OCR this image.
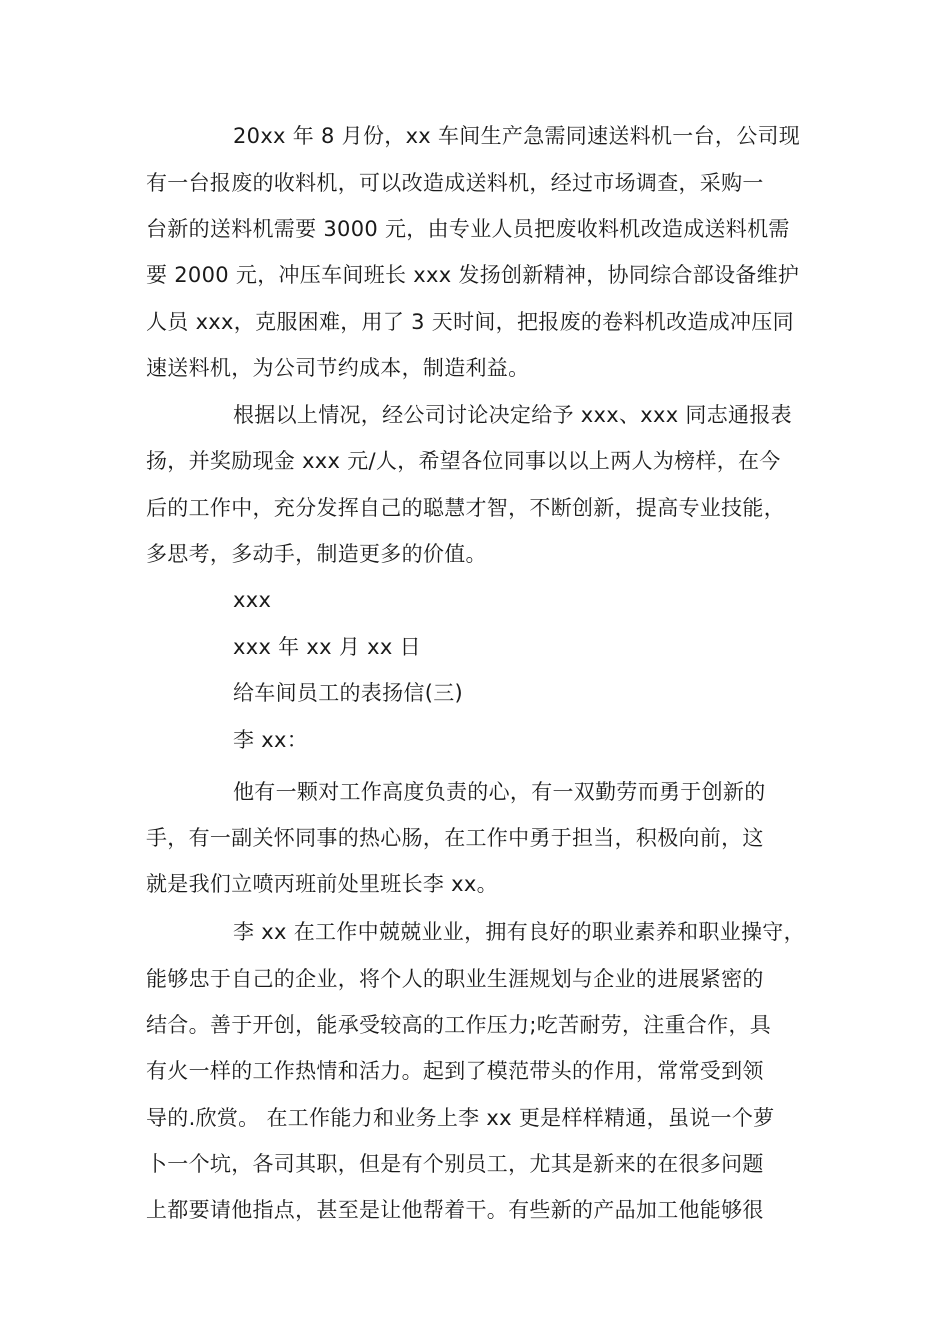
20xx 年 8 月份，xx 车间生产急需同速送料机一台，公司现
有一台报废的收料机，可以改造成送料机，经过市场调查，采购一
台新的送料机需要 3000 元，由专业人员把废收料机改造成送料机需
要 2000 元，冲压车间班长 xxx 发扬创新精神，协同综合部设备维护
人员 xxx，克服困难，用了 3 天时间，把报废的卷料机改造成冲压同
速送料机，为公司节约成本，制造利益。
根据以上情况，经公司讨论决定给予 xxx、xxx 同志通报表
扬，并奖励现金 xxx 元/人，希望各位同事以以上两人为榜样，在今
后的工作中，充分发挥自己的聪慧才智，不断创新，提高专业技能，
多思考，多动手，制造更多的价值。
xxx
xxx 年 xx 月 xx 日
给车间员工的表扬信(三)
李 xx：
他有一颗对工作高度负责的心，有一双勤劳而勇于创新的
手，有一副关怀同事的热心肠，在工作中勇于担当，积极向前，这
就是我们立喷丙班前处里班长李 xx。
李 xx 在工作中兢兢业业，拥有良好的职业素养和职业操守，
能够忠于自己的企业，将个人的职业生涯规划与企业的进展紧密的
结合。善于开创，能承受较高的工作压力;吃苦耐劳，注重合作，具
有火一样的工作热情和活力。起到了模范带头的作用，常常受到领
导的.欣赏。 在工作能力和业务上李 xx 更是样样精通，虽说一个萝
卜一个坑，各司其职，但是有个别员工，尤其是新来的在很多问题
上都要请他指点，甚至是让他帮着干。有些新的产品加工他能够很
